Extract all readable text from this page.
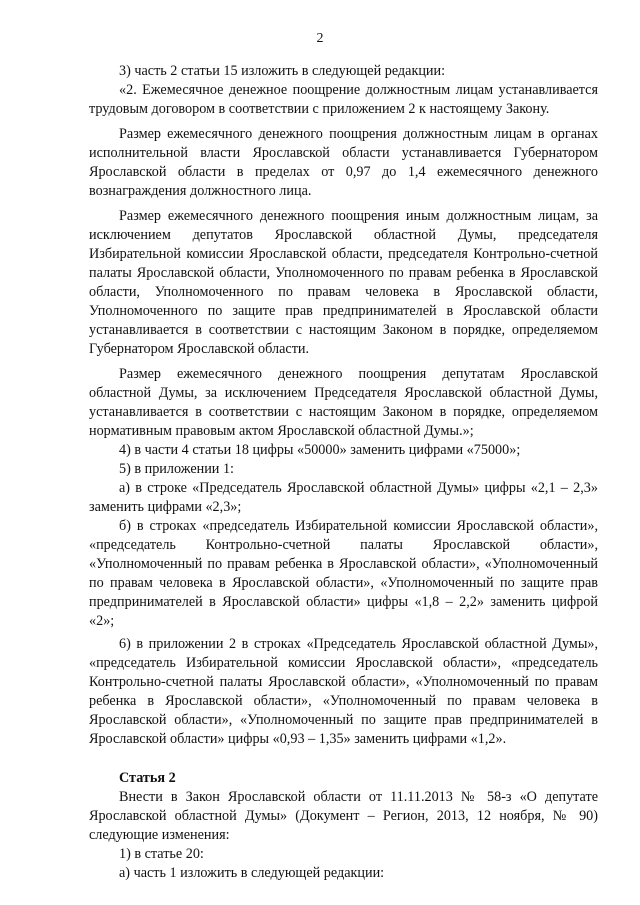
2

3) часть 2 статьи 15 изложить в следующей редакции:

«2. Ежемесячное денежное поощрение должностным лицам устанавливается трудовым договором в соответствии с приложением 2 к настоящему Закону.

Размер ежемесячного денежного поощрения должностным лицам в органах исполнительной власти Ярославской области устанавливается Губернатором Ярославской области в пределах от 0,97 до 1,4 ежемесячного денежного вознаграждения должностного лица.

Размер ежемесячного денежного поощрения иным должностным лицам, за исключением депутатов Ярославской областной Думы, председателя Избирательной комиссии Ярославской области, председателя Контрольно-счетной палаты Ярославской области, Уполномоченного по правам ребенка в Ярославской области, Уполномоченного по правам человека в Ярославской области, Уполномоченного по защите прав предпринимателей в Ярославской области устанавливается в соответствии с настоящим Законом в порядке, определяемом Губернатором Ярославской области.

Размер ежемесячного денежного поощрения депутатам Ярославской областной Думы, за исключением Председателя Ярославской областной Думы, устанавливается в соответствии с настоящим Законом в порядке, определяемом нормативным правовым актом Ярославской областной Думы.»;

4) в части 4 статьи 18 цифры «50000» заменить цифрами «75000»;

5) в приложении 1:

а) в строке «Председатель Ярославской областной Думы» цифры «2,1 – 2,3» заменить цифрами «2,3»;

б) в строках «председатель Избирательной комиссии Ярославской области», «председатель Контрольно-счетной палаты Ярославской области», «Уполномоченный по правам ребенка в Ярославской области», «Уполномоченный по правам человека в Ярославской области», «Уполномоченный по защите прав предпринимателей в Ярославской области» цифры «1,8 – 2,2» заменить цифрой «2»;

6) в приложении 2 в строках «Председатель Ярославской областной Думы», «председатель Избирательной комиссии Ярославской области», «председатель Контрольно-счетной палаты Ярославской области», «Уполномоченный по правам ребенка в Ярославской области», «Уполномоченный по правам человека в Ярославской области», «Уполномоченный по защите прав предпринимателей в Ярославской области» цифры «0,93 – 1,35» заменить цифрами «1,2».

Статья 2

Внести в Закон Ярославской области от 11.11.2013 № 58-з «О депутате Ярославской областной Думы» (Документ – Регион, 2013, 12 ноября, № 90) следующие изменения:

1) в статье 20:

а) часть 1 изложить в следующей редакции:
